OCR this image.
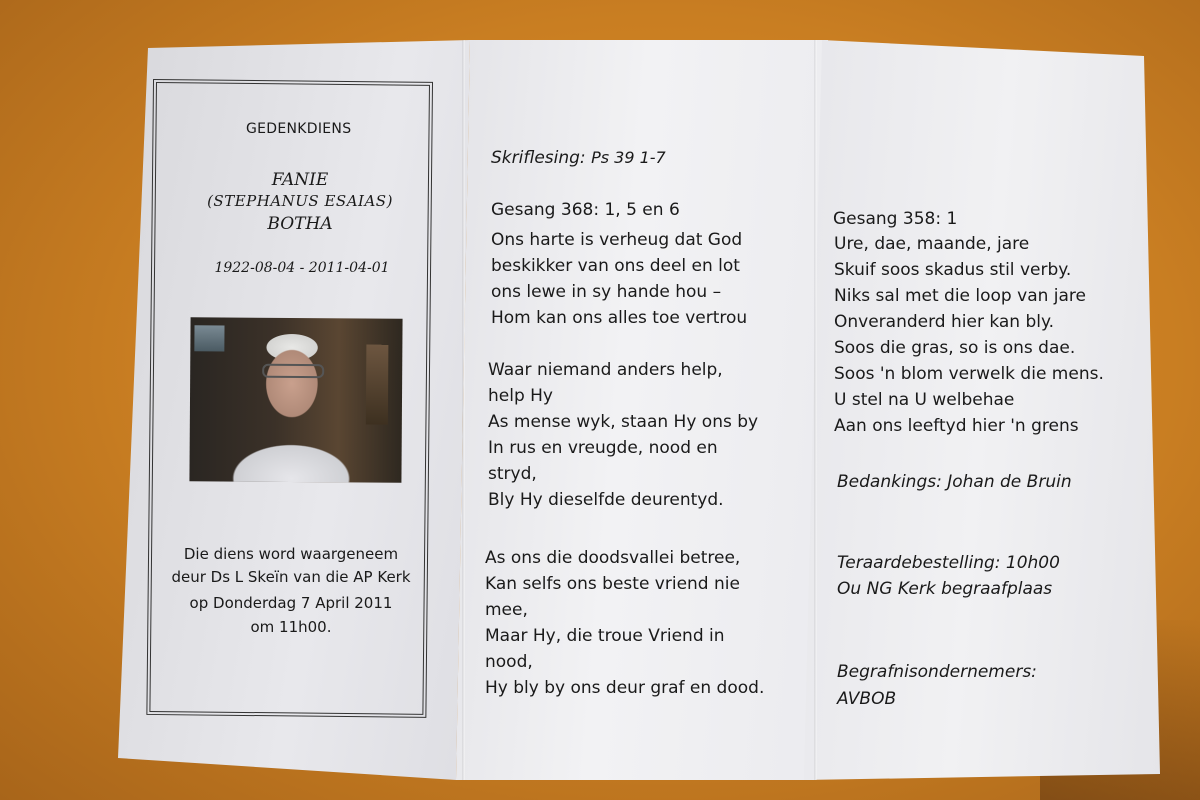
GEDENKDIENS
FANIE
(STEPHANUS ESAIAS)
BOTHA
1922-08-04 - 2011-04-01
Die diens word waargeneem
deur Ds L Skeïn van die AP Kerk
op Donderdag 7 April 2011
om 11h00.
Skriflesing: Ps 39 1-7
Gesang 368: 1, 5 en 6
Ons harte is verheug dat God
beskikker van ons deel en lot
ons lewe in sy hande hou –
Hom kan ons alles toe vertrou
Waar niemand anders help,
help Hy
As mense wyk, staan Hy ons by
In rus en vreugde, nood en
stryd,
Bly Hy dieselfde deurentyd.
As ons die doodsvallei betree,
Kan selfs ons beste vriend nie
mee,
Maar Hy, die troue Vriend in
nood,
Hy bly by ons deur graf en dood.
Gesang 358: 1
Ure, dae, maande, jare
Skuif soos skadus stil verby.
Niks sal met die loop van jare
Onveranderd hier kan bly.
Soos die gras, so is ons dae.
Soos 'n blom verwelk die mens.
U stel na U welbehae
Aan ons leeftyd hier 'n grens
Bedankings: Johan de Bruin
Teraardebestelling: 10h00
Ou NG Kerk begraafplaas
Begrafnisondernemers:
AVBOB
